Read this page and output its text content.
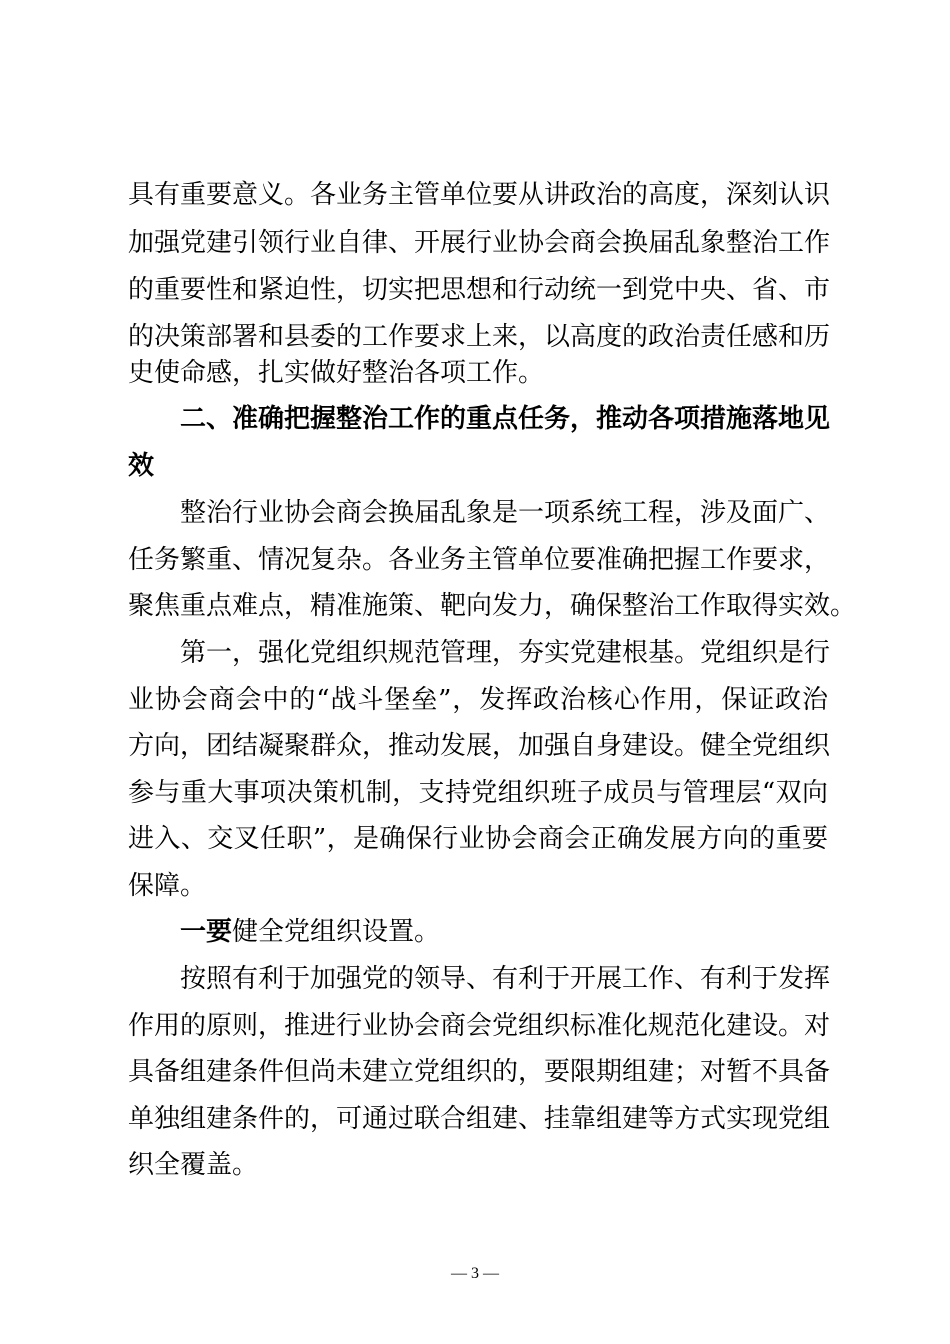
具有重要意义。各业务主管单位要从讲政治的高度，深刻认识
加强党建引领行业自律、开展行业协会商会换届乱象整治工作
的重要性和紧迫性，切实把思想和行动统一到党中央、省、市
的决策部署和县委的工作要求上来，以高度的政治责任感和历
史使命感，扎实做好整治各项工作。
二、准确把握整治工作的重点任务，推动各项措施落地见
效
整治行业协会商会换届乱象是一项系统工程，涉及面广、
任务繁重、情况复杂。各业务主管单位要准确把握工作要求，
聚焦重点难点，精准施策、靶向发力，确保整治工作取得实效。
第一，强化党组织规范管理，夯实党建根基。党组织是行
业协会商会中的“战斗堡垒”，发挥政治核心作用，保证政治
方向，团结凝聚群众，推动发展，加强自身建设。健全党组织
参与重大事项决策机制，支持党组织班子成员与管理层“双向
进入、交叉任职”，是确保行业协会商会正确发展方向的重要
保障。
一要健全党组织设置。
按照有利于加强党的领导、有利于开展工作、有利于发挥
作用的原则，推进行业协会商会党组织标准化规范化建设。对
具备组建条件但尚未建立党组织的，要限期组建；对暂不具备
单独组建条件的，可通过联合组建、挂靠组建等方式实现党组
织全覆盖。
— 3 —
